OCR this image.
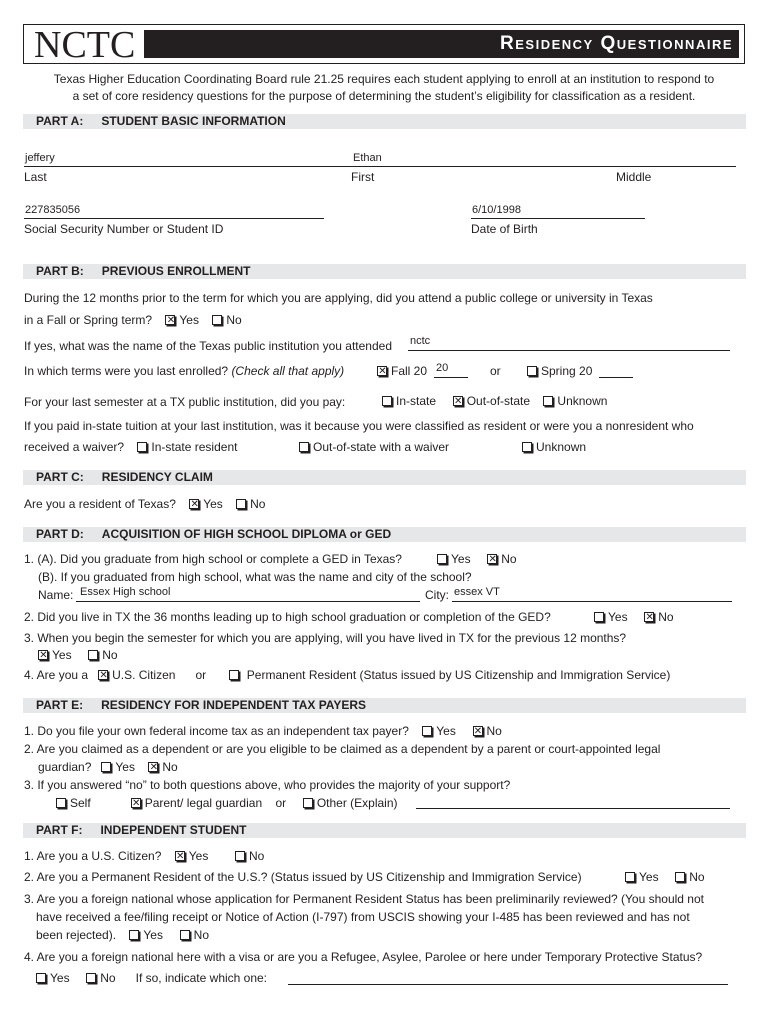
NCTC	Residency Questionnaire
Texas Higher Education Coordinating Board rule 21.25 requires each student applying to enroll at an institution to respond to
a set of core residency questions for the purpose of determining the student’s eligibility for classification as a resident.
PART A: STUDENT BASIC INFORMATION
jeffery	Ethan
Last	First	Middle
227835056	6/10/1998
Social Security Number or Student ID	Date of Birth
PART B: PREVIOUS ENROLLMENT
During the 12 months prior to the term for which you are applying, did you attend a public college or university in Texas
in a Fall or Spring term? ✕ Yes No
If yes, what was the name of the Texas public institution you attended nctc
In which terms were you last enrolled? (Check all that apply) ✕	Fall 20 20	or	Spring 20
For your last semester at a TX public institution, did you pay:	In-state ✕	Out-of-state Unknown
If you paid in-state tuition at your last institution, was it because you were classified as resident or were you a nonresident who
received a waiver? In-state resident	Out-of-state with a waiver	Unknown
PART C: RESIDENCY CLAIM
Are you a resident of Texas? ✕ Yes No
PART D: ACQUISITION OF HIGH SCHOOL DIPLOMA or GED
1. (A). Did you graduate from high school or complete a GED in Texas?	Yes ✕	No
(B). If you graduated from high school, what was the name and city of the school?
Name: Essex High school	City: essex VT
2. Did you live in TX the 36 months leading up to high school graduation or completion of the GED?	Yes ✕	No
3. When you begin the semester for which you are applying, will you have lived in TX for the previous 12 months?
✕Yes	No
4. Are you a ✕ U.S. Citizen or	Permanent Resident (Status issued by US Citizenship and Immigration Service)
PART E: RESIDENCY FOR INDEPENDENT TAX PAYERS
1. Do you file your own federal income tax as an independent tax payer? Yes ✕	No
2. Are you claimed as a dependent or are you eligible to be claimed as a dependent by a parent or court-appointed legal
guardian? Yes ✕ No
3. If you answered “no” to both questions above, who provides the majority of your support?
Self ✕	Parent/ legal guardian or	Other (Explain)
PART F: INDEPENDENT STUDENT
1. Are you a U.S. Citizen? ✕ Yes	No
2. Are you a Permanent Resident of the U.S.? (Status issued by US Citizenship and Immigration Service)	Yes	No
3. Are you a foreign national whose application for Permanent Resident Status has been preliminarily reviewed? (You should not
have received a fee/filing receipt or Notice of Action (I-797) from USCIS showing your I-485 has been reviewed and has not
been rejected). Yes	No
4. Are you a foreign national here with a visa or are you a Refugee, Asylee, Parolee or here under Temporary Protective Status?
Yes	No If so, indicate which one:
